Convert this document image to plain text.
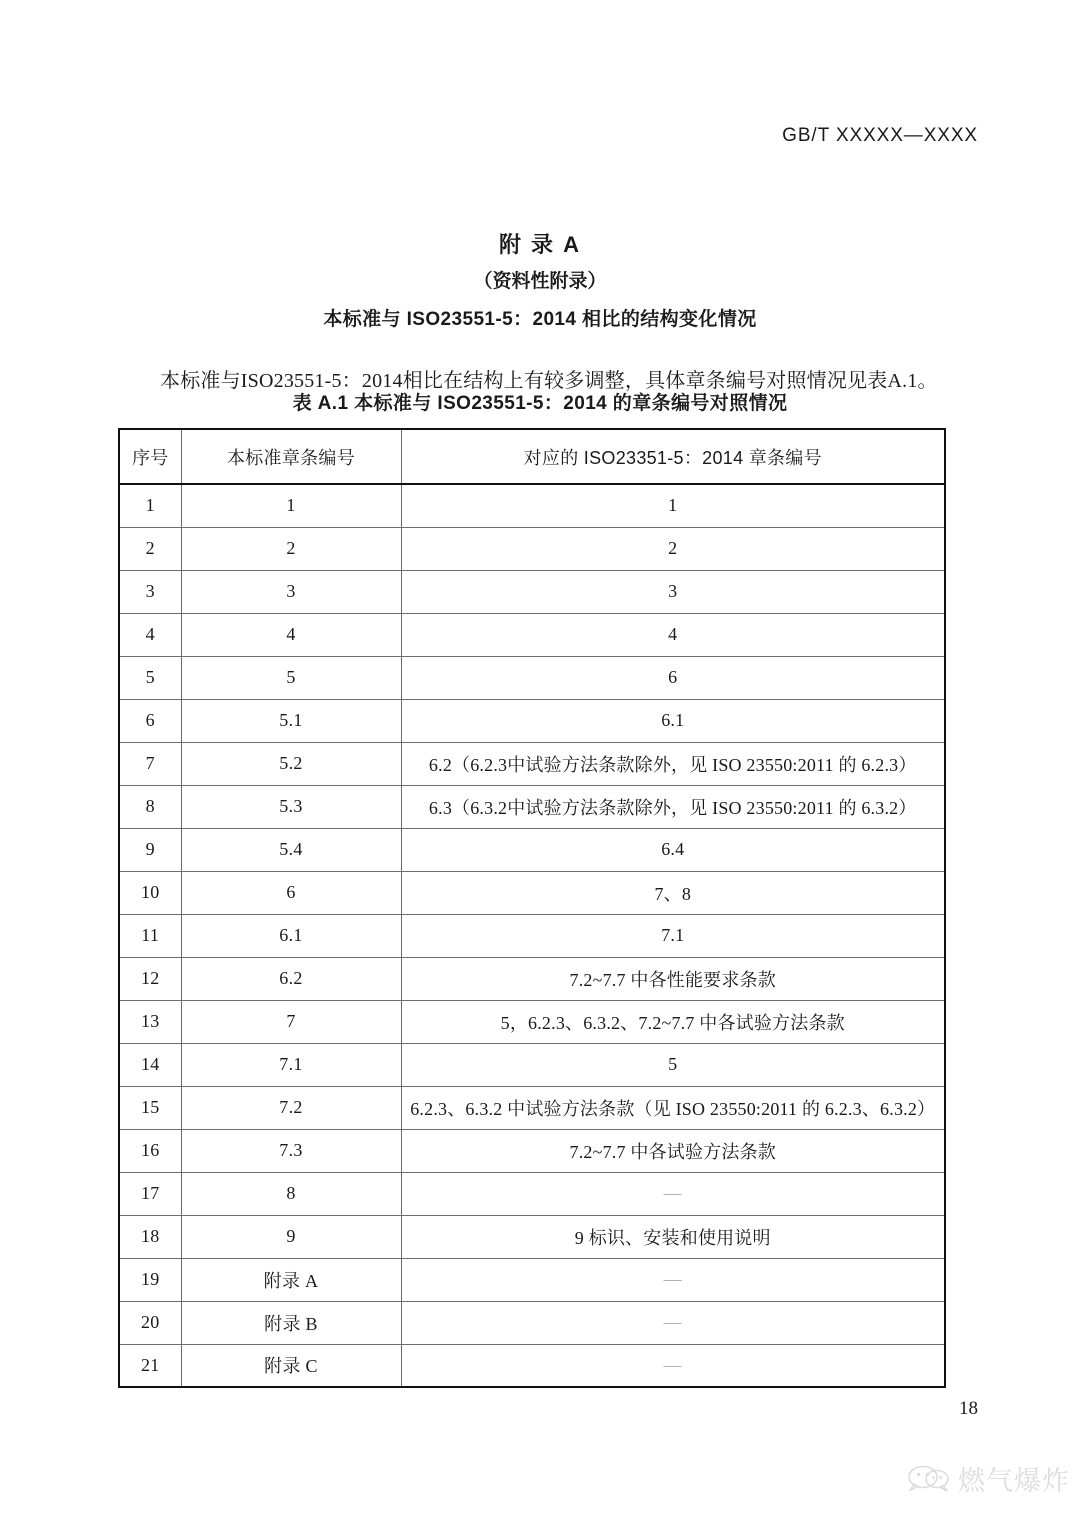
GB/T XXXXX—XXXX
附 录 A
（资料性附录）
本标准与 ISO23551-5：2014 相比的结构变化情况

本标准与ISO23551-5：2014相比在结构上有较多调整，具体章条编号对照情况见表A.1。

表 A.1 本标准与 ISO23551-5：2014 的章条编号对照情况
序号	本标准章条编号	对应的 ISO23351-5：2014 章条编号
1	1	1
2	2	2
3	3	3
4	4	4
5	5	6
6	5.1	6.1
7	5.2	6.2（6.2.3中试验方法条款除外，见 ISO 23550:2011 的 6.2.3）
8	5.3	6.3（6.3.2中试验方法条款除外，见 ISO 23550:2011 的 6.3.2）
9	5.4	6.4
10	6	7、8
11	6.1	7.1
12	6.2	7.2~7.7 中各性能要求条款
13	7	5，6.2.3、6.3.2、7.2~7.7 中各试验方法条款
14	7.1	5
15	7.2	6.2.3、6.3.2 中试验方法条款（见 ISO 23550:2011 的 6.2.3、6.3.2）
16	7.3	7.2~7.7 中各试验方法条款
17	8	—
18	9	9 标识、安装和使用说明
19	附录 A	—
20	附录 B	—
21	附录 C	—
18
燃气爆炸
